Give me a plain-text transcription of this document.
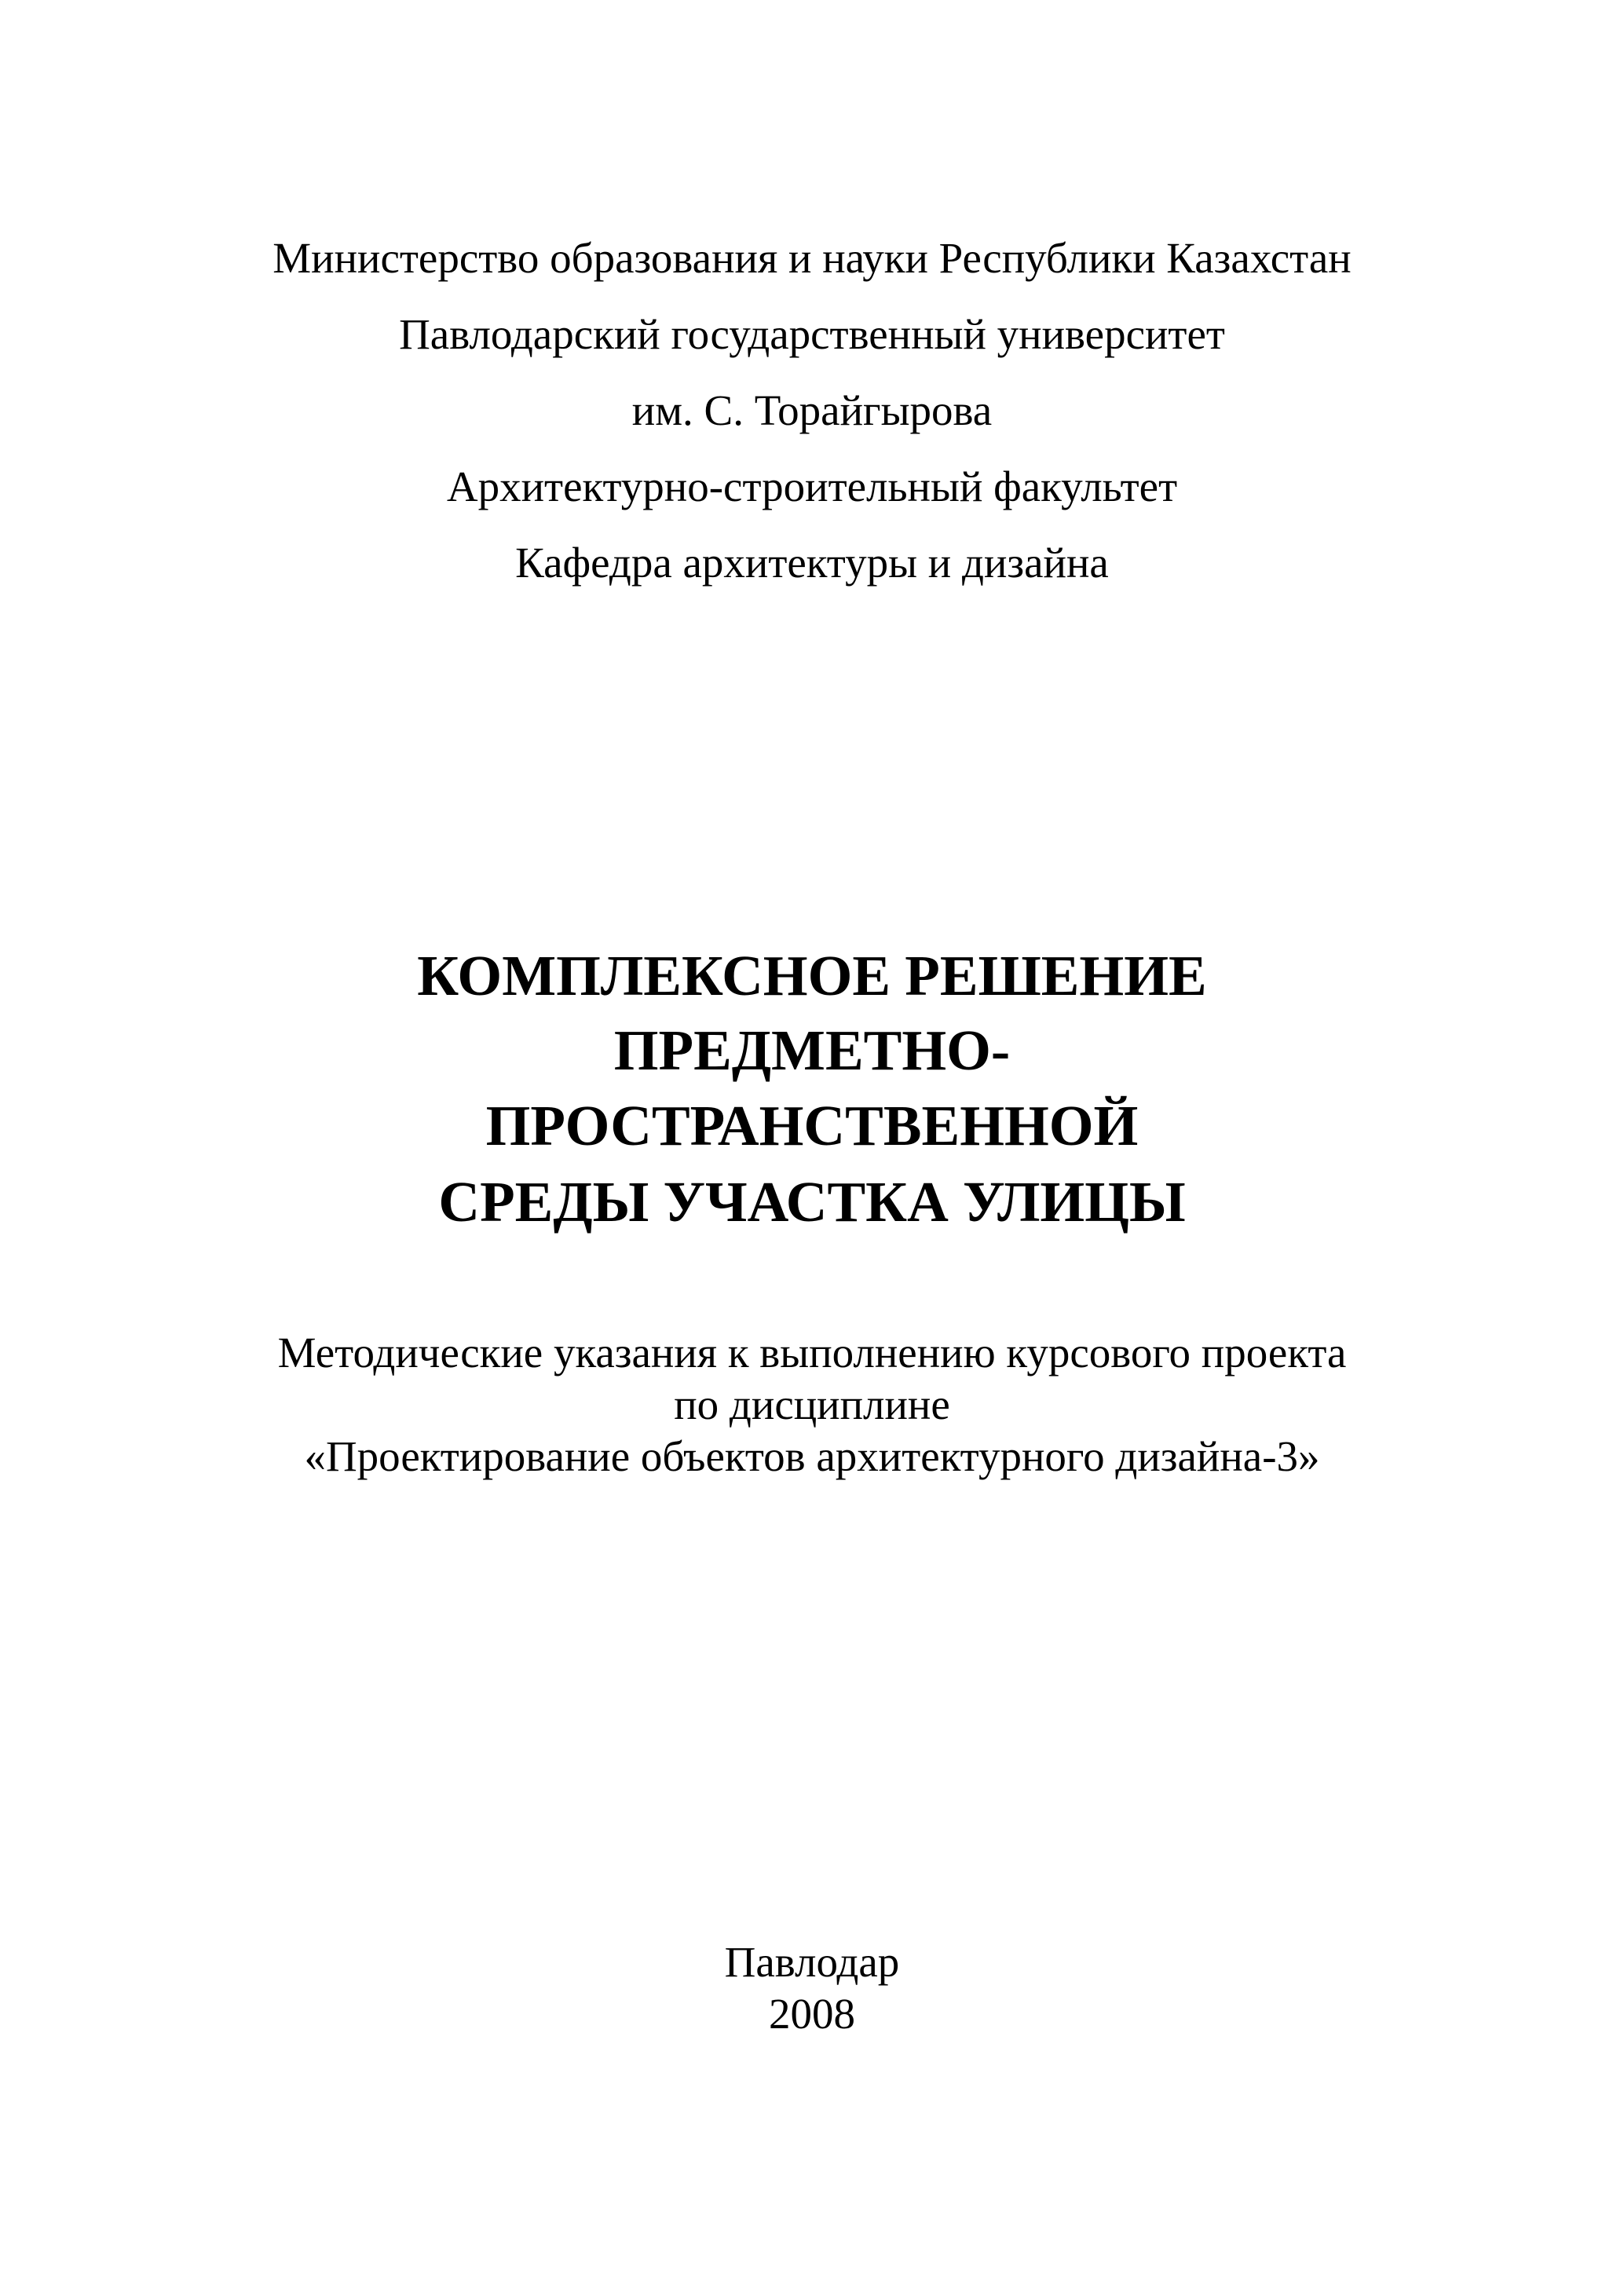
Министерство образования и науки Республики Казахстан
Павлодарский государственный университет
им. С. Торайгырова
Архитектурно-строительный факультет
Кафедра архитектуры и дизайна
КОМПЛЕКСНОЕ РЕШЕНИЕ
ПРЕДМЕТНО-
ПРОСТРАНСТВЕННОЙ
СРЕДЫ УЧАСТКА УЛИЦЫ
Методические указания к выполнению курсового проекта
по дисциплине
«Проектирование объектов архитектурного дизайна-3»
Павлодар
2008
